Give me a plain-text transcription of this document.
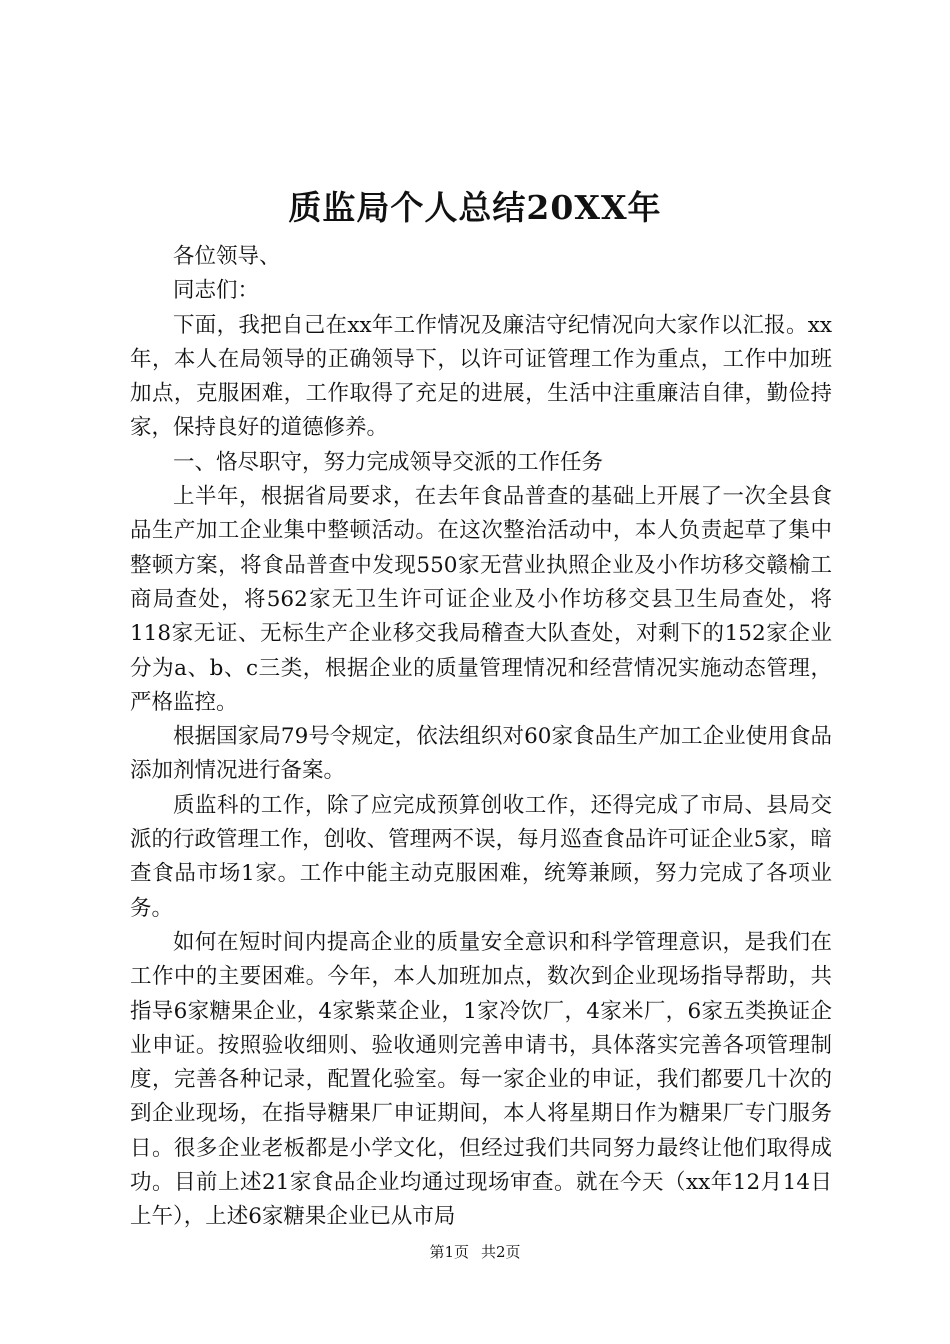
质监局个人总结20XX年

各位领导、

同志们：

下面，我把自己在xx年工作情况及廉洁守纪情况向大家作以汇报。xx年，本人在局领导的正确领导下，以许可证管理工作为重点，工作中加班加点，克服困难，工作取得了充足的进展，生活中注重廉洁自律，勤俭持家，保持良好的道德修养。

一、恪尽职守，努力完成领导交派的工作任务

上半年，根据省局要求，在去年食品普查的基础上开展了一次全县食品生产加工企业集中整顿活动。在这次整治活动中，本人负责起草了集中整顿方案，将食品普查中发现550家无营业执照企业及小作坊移交赣榆工商局查处，将562家无卫生许可证企业及小作坊移交县卫生局查处，将118家无证、无标生产企业移交我局稽查大队查处，对剩下的152家企业分为a、b、c三类，根据企业的质量管理情况和经营情况实施动态管理，严格监控。

根据国家局79号令规定，依法组织对60家食品生产加工企业使用食品添加剂情况进行备案。

质监科的工作，除了应完成预算创收工作，还得完成了市局、县局交派的行政管理工作，创收、管理两不误，每月巡查食品许可证企业5家，暗查食品市场1家。工作中能主动克服困难，统筹兼顾，努力完成了各项业务。

如何在短时间内提高企业的质量安全意识和科学管理意识，是我们在工作中的主要困难。今年，本人加班加点，数次到企业现场指导帮助，共指导6家糖果企业，4家紫菜企业，1家冷饮厂，4家米厂，6家五类换证企业申证。按照验收细则、验收通则完善申请书，具体落实完善各项管理制度，完善各种记录，配置化验室。每一家企业的申证，我们都要几十次的到企业现场，在指导糖果厂申证期间，本人将星期日作为糖果厂专门服务日。很多企业老板都是小学文化，但经过我们共同努力最终让他们取得成功。目前上述21家食品企业均通过现场审查。就在今天（xx年12月14日上午），上述6家糖果企业已从市局

第1页 共2页
